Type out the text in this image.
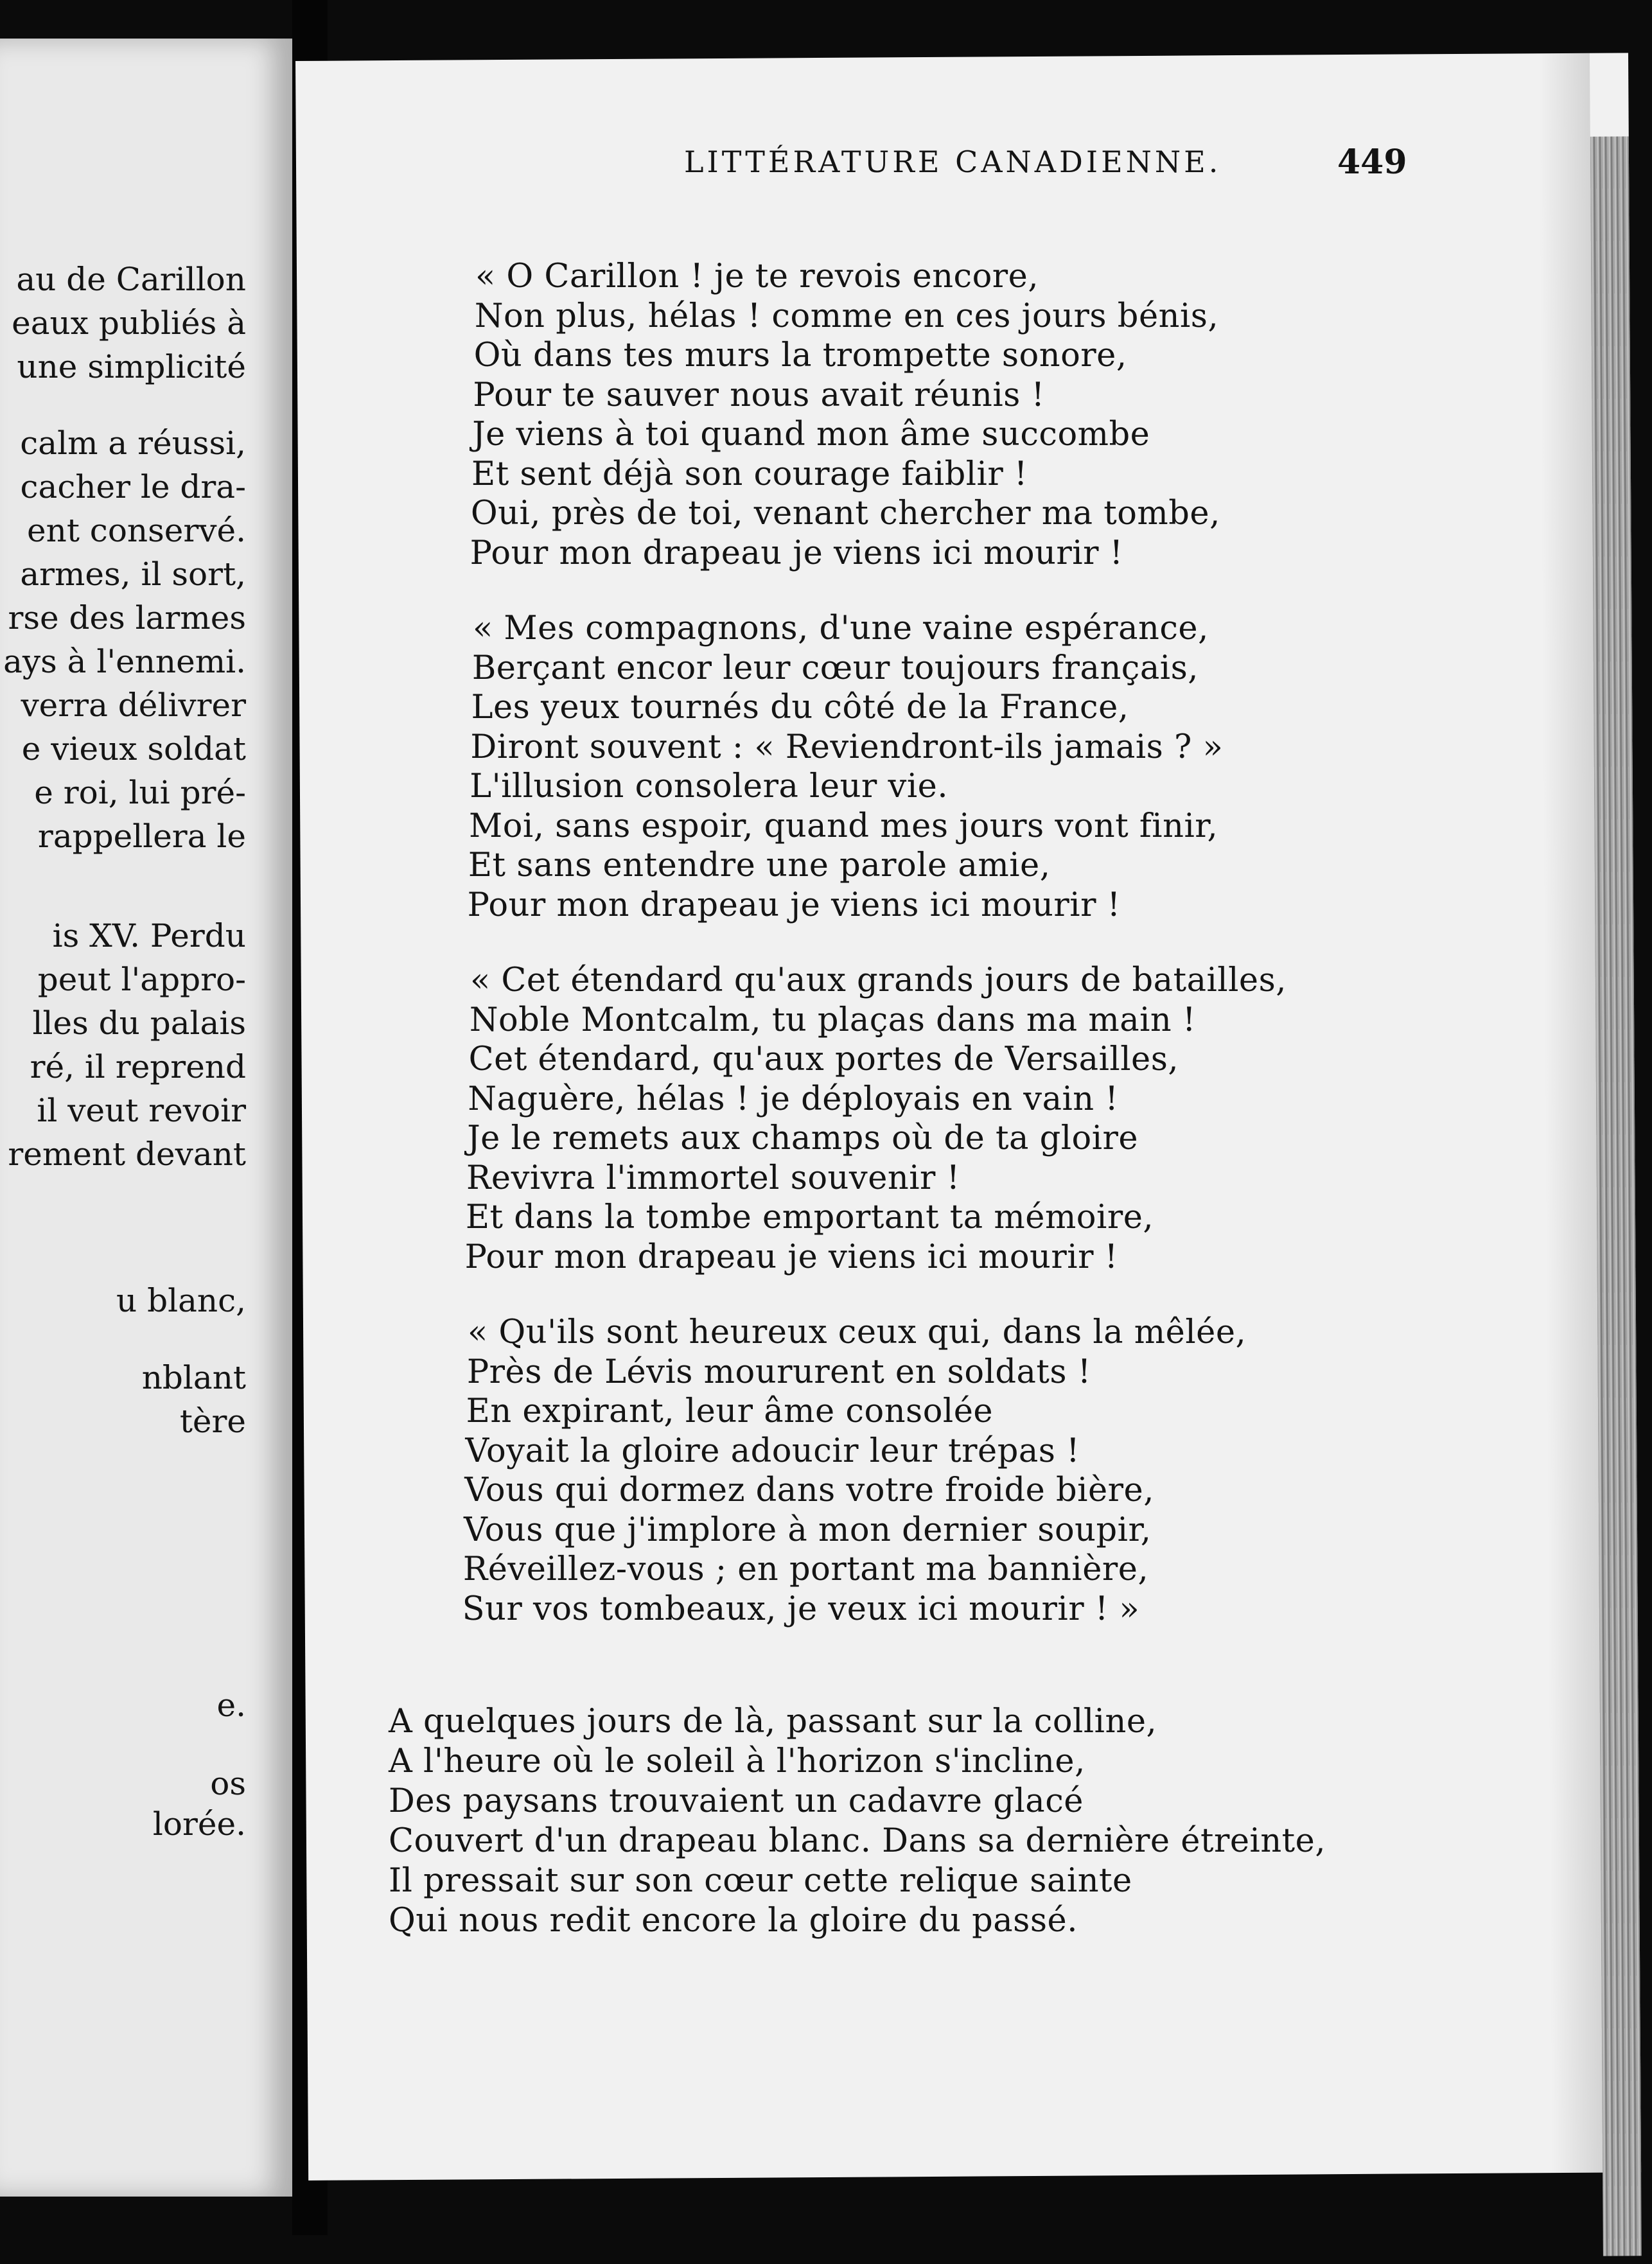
au de Carillon
eaux publiés à
une simplicité
calm a réussi,
cacher le dra-
ent conservé.
armes, il sort,
rse des larmes
ays à l'ennemi.
verra délivrer
e vieux soldat
e roi, lui pré-
rappellera le
is XV. Perdu
peut l'appro-
lles du palais
ré, il reprend
il veut revoir
rement devant
u blanc,
nblant
tère
e.
os
lorée.
LITTÉRATURE CANADIENNE.	449
« O Carillon ! je te revois encore,
Non plus, hélas ! comme en ces jours bénis,
Où dans tes murs la trompette sonore,
Pour te sauver nous avait réunis !
Je viens à toi quand mon âme succombe
Et sent déjà son courage faiblir !
Oui, près de toi, venant chercher ma tombe,
Pour mon drapeau je viens ici mourir !
« Mes compagnons, d'une vaine espérance,
Berçant encor leur cœur toujours français,
Les yeux tournés du côté de la France,
Diront souvent : « Reviendront-ils jamais ? »
L'illusion consolera leur vie.
Moi, sans espoir, quand mes jours vont finir,
Et sans entendre une parole amie,
Pour mon drapeau je viens ici mourir !
« Cet étendard qu'aux grands jours de batailles,
Noble Montcalm, tu plaças dans ma main !
Cet étendard, qu'aux portes de Versailles,
Naguère, hélas ! je déployais en vain !
Je le remets aux champs où de ta gloire
Revivra l'immortel souvenir !
Et dans la tombe emportant ta mémoire,
Pour mon drapeau je viens ici mourir !
« Qu'ils sont heureux ceux qui, dans la mêlée,
Près de Lévis moururent en soldats !
En expirant, leur âme consolée
Voyait la gloire adoucir leur trépas !
Vous qui dormez dans votre froide bière,
Vous que j'implore à mon dernier soupir,
Réveillez-vous ; en portant ma bannière,
Sur vos tombeaux, je veux ici mourir ! »
A quelques jours de là, passant sur la colline,
A l'heure où le soleil à l'horizon s'incline,
Des paysans trouvaient un cadavre glacé
Couvert d'un drapeau blanc. Dans sa dernière étreinte,
Il pressait sur son cœur cette relique sainte
Qui nous redit encore la gloire du passé.
